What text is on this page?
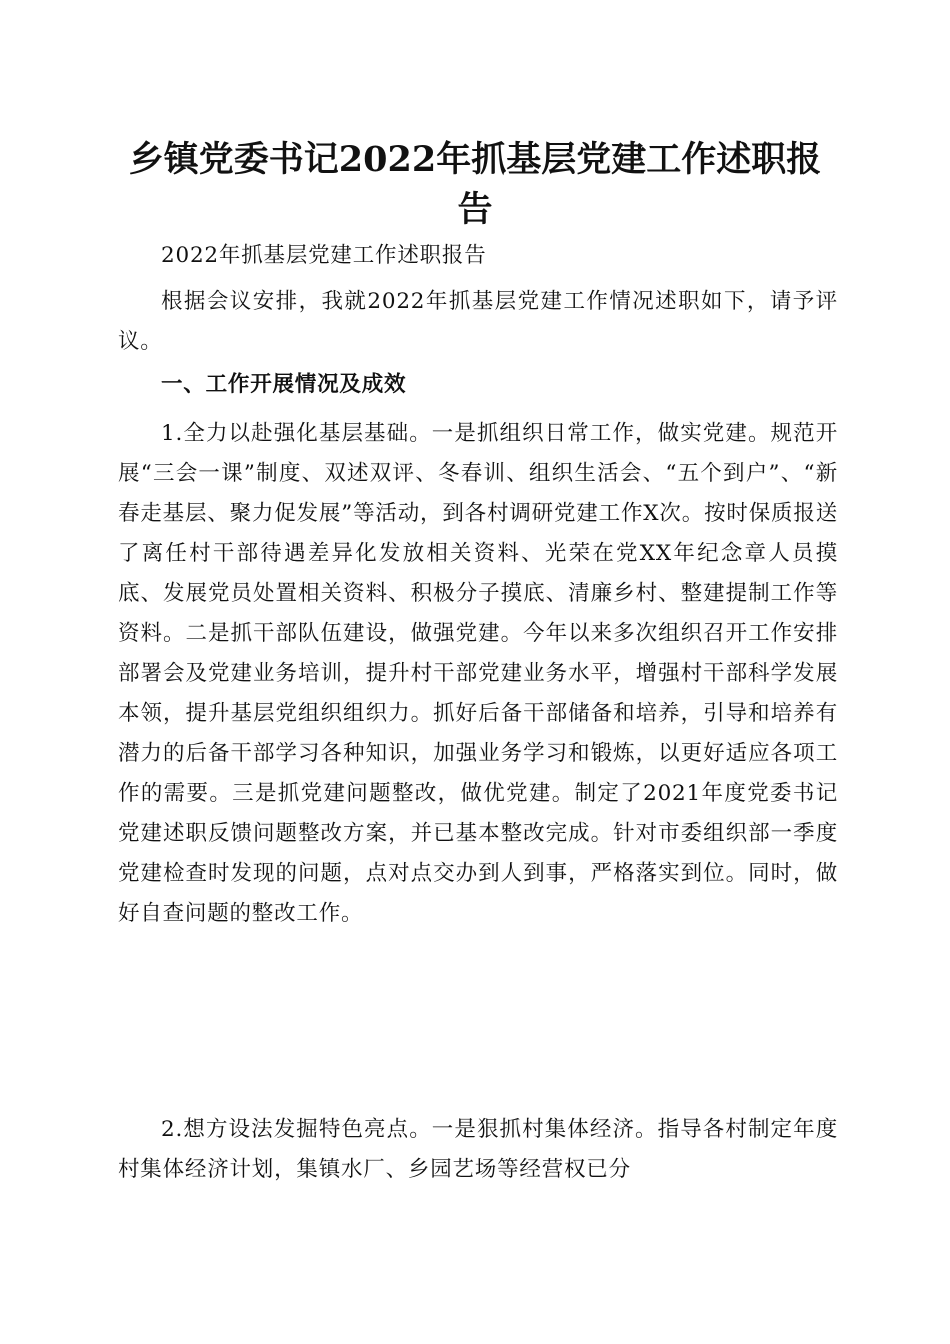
乡镇党委书记2022年抓基层党建工作述职报
告

2022年抓基层党建工作述职报告

根据会议安排，我就2022年抓基层党建工作情况述职如下，请予评议。

一、工作开展情况及成效

1.全力以赴强化基层基础。一是抓组织日常工作，做实党建。规范开展“三会一课”制度、双述双评、冬春训、组织生活会、“五个到户”、“新春走基层、聚力促发展”等活动，到各村调研党建工作X次。按时保质报送了离任村干部待遇差异化发放相关资料、光荣在党XX年纪念章人员摸底、发展党员处置相关资料、积极分子摸底、清廉乡村、整建提制工作等资料。二是抓干部队伍建设，做强党建。今年以来多次组织召开工作安排部署会及党建业务培训，提升村干部党建业务水平，增强村干部科学发展本领，提升基层党组织组织力。抓好后备干部储备和培养，引导和培养有潜力的后备干部学习各种知识，加强业务学习和锻炼，以更好适应各项工作的需要。三是抓党建问题整改，做优党建。制定了2021年度党委书记党建述职反馈问题整改方案，并已基本整改完成。针对市委组织部一季度党建检查时发现的问题，点对点交办到人到事，严格落实到位。同时，做好自查问题的整改工作。

2.想方设法发掘特色亮点。一是狠抓村集体经济。指导各村制定年度村集体经济计划，集镇水厂、乡园艺场等经营权已分
